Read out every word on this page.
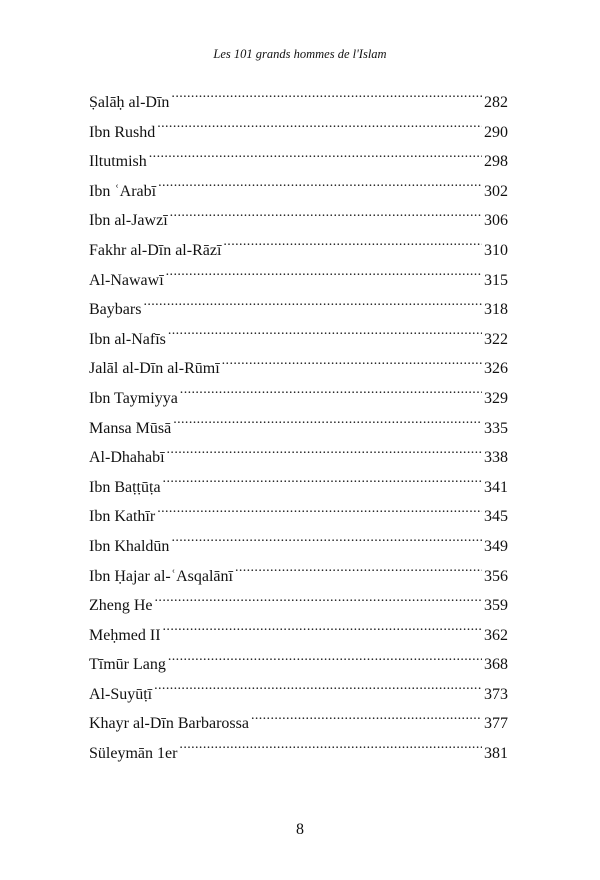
Les 101 grands hommes de l'Islam
Ṣalāḥ al-Dīn .....	282
Ibn Rushd .....	290
Iltutmish .....	298
Ibn ʿArabī .....	302
Ibn al-Jawzī .....	306
Fakhr al-Dīn al-Rāzī .....	310
Al-Nawawī .....	315
Baybars .....	318
Ibn al-Nafīs .....	322
Jalāl al-Dīn al-Rūmī .....	326
Ibn Taymiyya .....	329
Mansa Mūsā .....	335
Al-Dhahabī .....	338
Ibn Baṭṭūṭa .....	341
Ibn Kathīr .....	345
Ibn Khaldūn .....	349
Ibn Ḥajar al-ʿAsqalānī .....	356
Zheng He .....	359
Meḥmed II .....	362
Tīmūr Lang .....	368
Al-Suyūṭī .....	373
Khayr al-Dīn Barbarossa .....	377
Süleymān 1er .....	381
8
